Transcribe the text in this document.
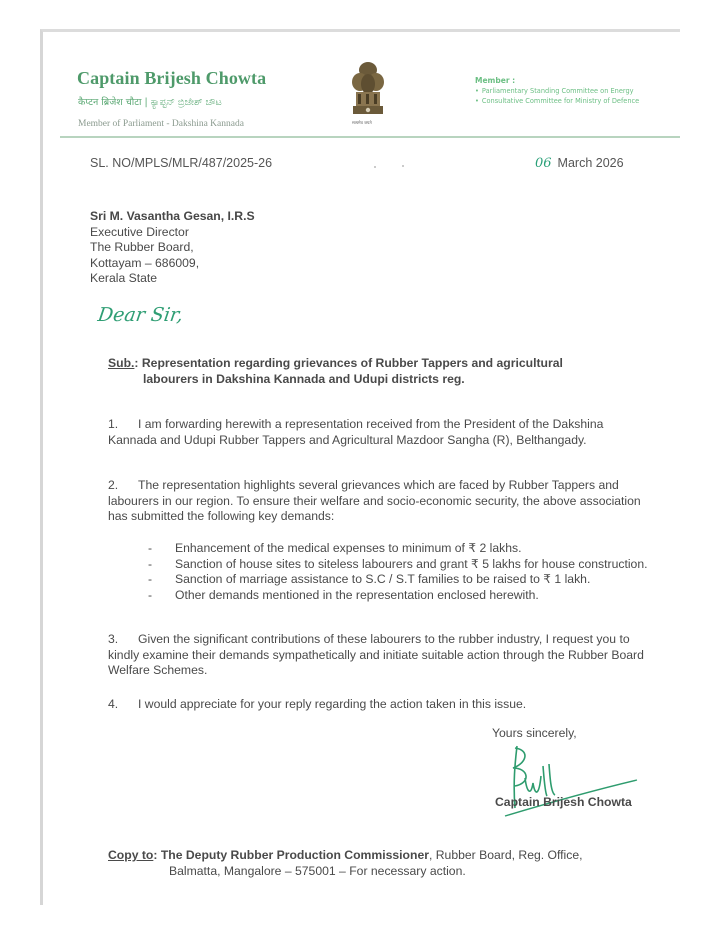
Captain Brijesh Chowta
कैप्टन ब्रिजेश चौटा | ಕ್ಯಾಪ್ಟನ್ ಬ್ರಿಜೇಶ್ ಚೌಟ
Member of Parliament - Dakshina Kannada	सत्यमेव जयते
Member :
• Parliamentary Standing Committee on Energy
• Consultative Committee for Ministry of Defence
SL. NO/MPLS/MLR/487/2025-26	06 March 2026
Sri M. Vasantha Gesan, I.R.S
Executive Director
The Rubber Board,
Kottayam – 686009,
Kerala State
Dear Sir,
Sub.: Representation regarding grievances of Rubber Tappers and agricultural
labourers in Dakshina Kannada and Udupi districts reg.
1. I am forwarding herewith a representation received from the President of the Dakshina Kannada and Udupi Rubber Tappers and Agricultural Mazdoor Sangha (R), Belthangady.
2. The representation highlights several grievances which are faced by Rubber Tappers and labourers in our region. To ensure their welfare and socio-economic security, the above association has submitted the following key demands:
- Enhancement of the medical expenses to minimum of ₹ 2 lakhs.
- Sanction of house sites to siteless labourers and grant ₹ 5 lakhs for house construction.
- Sanction of marriage assistance to S.C / S.T families to be raised to ₹ 1 lakh.
- Other demands mentioned in the representation enclosed herewith.
3. Given the significant contributions of these labourers to the rubber industry, I request you to kindly examine their demands sympathetically and initiate suitable action through the Rubber Board Welfare Schemes.
4. I would appreciate for your reply regarding the action taken in this issue.
Yours sincerely,
Captain Brijesh Chowta
Copy to: The Deputy Rubber Production Commissioner, Rubber Board, Reg. Office,
Balmatta, Mangalore – 575001 – For necessary action.
